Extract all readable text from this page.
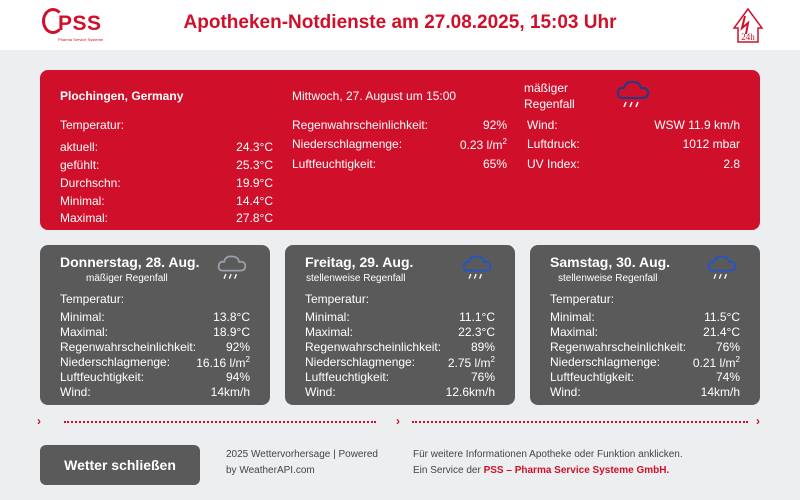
PSS
Pharma Service Systeme
Apotheken-Notdienste am 27.08.2025, 15:03 Uhr
24h
Plochingen, Germany
Temperatur:
aktuell:	24.3°C
gefühlt:	25.3°C
Durchschn:	19.9°C
Minimal:	14.4°C
Maximal:	27.8°C
Mittwoch, 27. August um 15:00
Regenwahrscheinlichkeit:	92%
Niederschlagmenge:	0.23 $l/m^2$
Luftfeuchtigkeit:	65%
mäßiger
Regenfall
Wind:	WSW 11.9 km/h
Luftdruck:	1012 mbar
UV Index:	2.8
Donnerstag, 28. Aug.
mäßiger Regenfall
Temperatur:
Minimal:	13.8°C
Maximal:	18.9°C
Regenwahrscheinlichkeit: 92%
Niederschlagmenge: 16.16 $l/m^2$
Luftfeuchtigkeit:	94%
Wind:	14km/h
Freitag, 29. Aug.
stellenweise Regenfall
Temperatur:
Minimal:	11.1°C
Maximal:	22.3°C
Regenwahrscheinlichkeit: 89%
Niederschlagmenge:	2.75 $l/m^2$
Luftfeuchtigkeit:	76%
Wind:	12.6km/h
Samstag, 30. Aug.
stellenweise Regenfall
Temperatur:
Minimal:	11.5°C
Maximal:	21.4°C
Regenwahrscheinlichkeit: 76%
Niederschlagmenge:	0.21 $l/m^2$
Luftfeuchtigkeit:	74%
Wind:	14km/h
›	›	›
Wetter schließen
2025 Wettervorhersage | Powered
by WeatherAPI.com
Für weitere Informationen Apotheke oder Funktion anklicken.
Ein Service der PSS – Pharma Service Systeme GmbH.
